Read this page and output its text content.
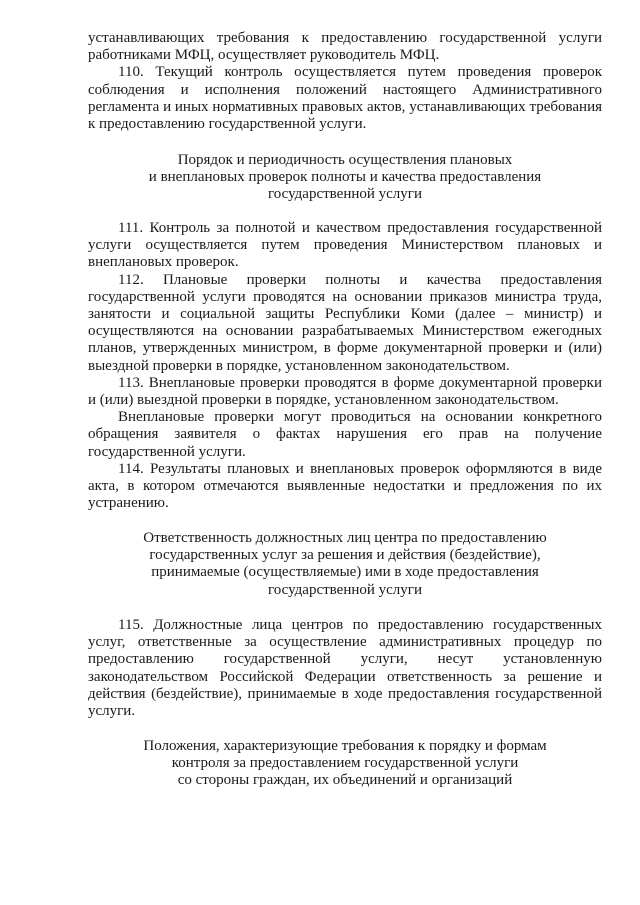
устанавливающих требования к предоставлению государственной услуги работниками МФЦ, осуществляет руководитель МФЦ.

110. Текущий контроль осуществляется путем проведения проверок соблюдения и исполнения положений настоящего Административного регламента и иных нормативных правовых актов, устанавливающих требования к предоставлению государственной услуги.

Порядок и периодичность осуществления плановых
и внеплановых проверок полноты и качества предоставления
государственной услуги

111. Контроль за полнотой и качеством предоставления государственной услуги осуществляется путем проведения Министерством плановых и внеплановых проверок.

112. Плановые проверки полноты и качества предоставления государственной услуги проводятся на основании приказов министра труда, занятости и социальной защиты Республики Коми (далее – министр) и осуществляются на основании разрабатываемых Министерством ежегодных планов, утвержденных министром, в форме документарной проверки и (или) выездной проверки в порядке, установленном законодательством.

113. Внеплановые проверки проводятся в форме документарной проверки и (или) выездной проверки в порядке, установленном законодательством.

Внеплановые проверки могут проводиться на основании конкретного обращения заявителя о фактах нарушения его прав на получение государственной услуги.

114. Результаты плановых и внеплановых проверок оформляются в виде акта, в котором отмечаются выявленные недостатки и предложения по их устранению.

Ответственность должностных лиц центра по предоставлению
государственных услуг за решения и действия (бездействие),
принимаемые (осуществляемые) ими в ходе предоставления
государственной услуги

115. Должностные лица центров по предоставлению государственных услуг, ответственные за осуществление административных процедур по предоставлению государственной услуги, несут установленную законодательством Российской Федерации ответственность за решение и действия (бездействие), принимаемые в ходе предоставления государственной услуги.

Положения, характеризующие требования к порядку и формам
контроля за предоставлением государственной услуги
со стороны граждан, их объединений и организаций
